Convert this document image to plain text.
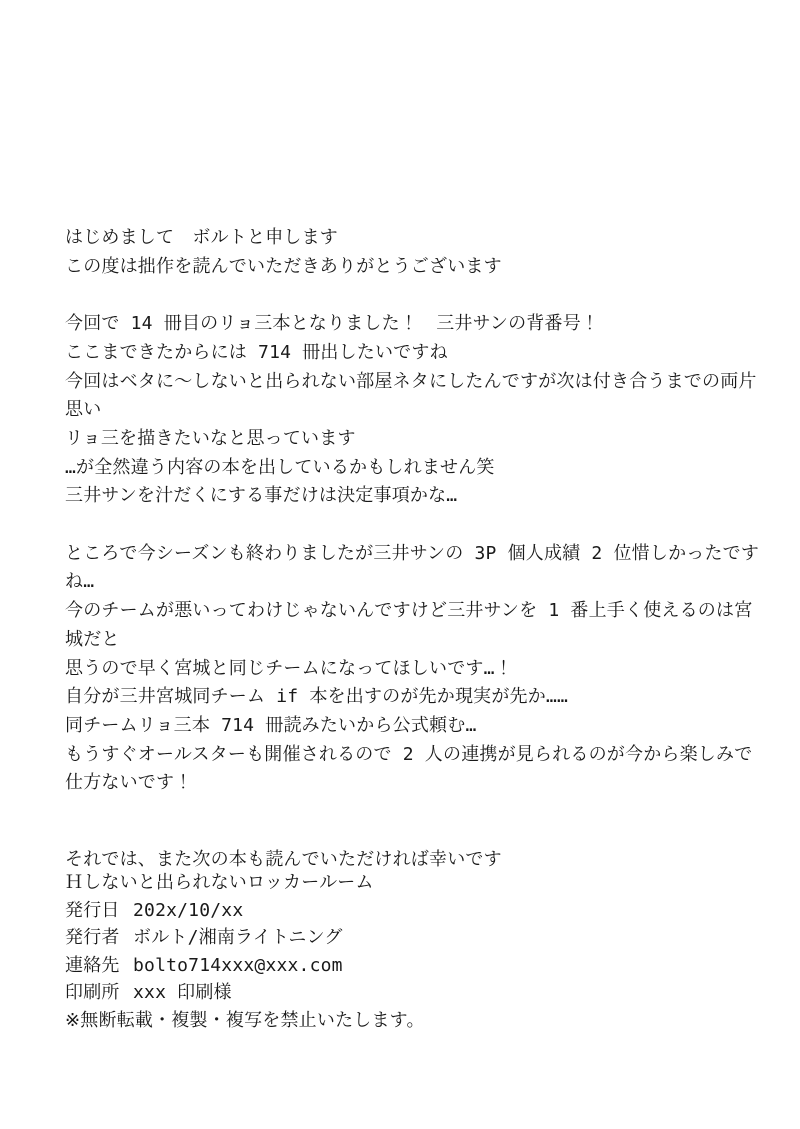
はじめまして　ボルトと申します
この度は拙作を読んでいただきありがとうございます
今回で 14 冊目のリョ三本となりました！　三井サンの背番号！
ここまできたからには 714 冊出したいですね
今回はベタに～しないと出られない部屋ネタにしたんですが次は付き合うまでの両片思い
リョ三を描きたいなと思っています
…が全然違う内容の本を出しているかもしれません笑
三井サンを汁だくにする事だけは決定事項かな…
ところで今シーズンも終わりましたが三井サンの 3P 個人成績 2 位惜しかったですね…
今のチームが悪いってわけじゃないんですけど三井サンを 1 番上手く使えるのは宮城だと
思うので早く宮城と同じチームになってほしいです…！
自分が三井宮城同チーム if 本を出すのが先か現実が先か……
同チームリョ三本 714 冊読みたいから公式頼む…
もうすぐオールスターも開催されるので 2 人の連携が見られるのが今から楽しみで
仕方ないです！
それでは、また次の本も読んでいただければ幸いです
Ｈしないと出られないロッカールーム
発行日 202x/10/xx
発行者 ボルト/湘南ライトニング
連絡先 bolto714xxx@xxx.com
印刷所 xxx 印刷様
※無断転載・複製・複写を禁止いたします。
